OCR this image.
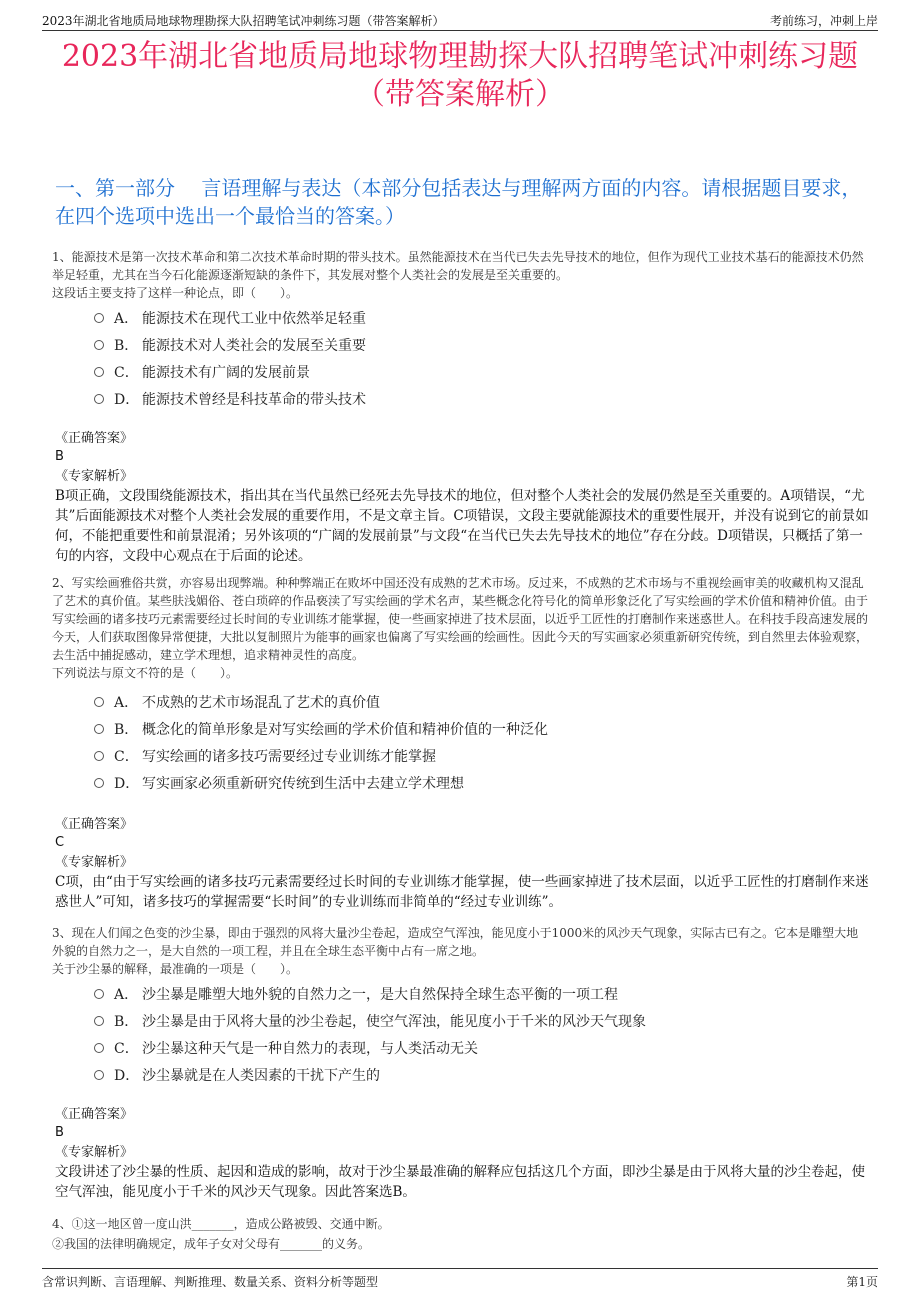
2023年湖北省地质局地球物理勘探大队招聘笔试冲刺练习题（带答案解析）	考前练习，冲刺上岸
2023年湖北省地质局地球物理勘探大队招聘笔试冲刺练习题
（带答案解析）
一、第一部分　 言语理解与表达（本部分包括表达与理解两方面的内容。请根据题目要求，在四个选项中选出一个最恰当的答案。）
1、能源技术是第一次技术革命和第二次技术革命时期的带头技术。虽然能源技术在当代已失去先导技术的地位，但作为现代工业技术基石的能源技术仍然举足轻重，尤其在当今石化能源逐渐短缺的条件下，其发展对整个人类社会的发展是至关重要的。
这段话主要支持了这样一种论点，即（　　）。
A． 能源技术在现代工业中依然举足轻重
B． 能源技术对人类社会的发展至关重要
C． 能源技术有广阔的发展前景
D． 能源技术曾经是科技革命的带头技术
《正确答案》
B
《专家解析》
B项正确，文段围绕能源技术，指出其在当代虽然已经死去先导技术的地位，但对整个人类社会的发展仍然是至关重要的。A项错误，“尤其”后面能源技术对整个人类社会发展的重要作用，不是文章主旨。C项错误，文段主要就能源技术的重要性展开，并没有说到它的前景如何，不能把重要性和前景混淆；另外该项的“广阔的发展前景”与文段“在当代已失去先导技术的地位”存在分歧。D项错误，只概括了第一句的内容，文段中心观点在于后面的论述。
2、写实绘画雅俗共赏，亦容易出现弊端。种种弊端正在败坏中国还没有成熟的艺术市场。反过来，不成熟的艺术市场与不重视绘画审美的收藏机构又混乱了艺术的真价值。某些肤浅媚俗、苍白琐碎的作品亵渎了写实绘画的学术名声，某些概念化符号化的简单形象泛化了写实绘画的学术价值和精神价值。由于写实绘画的诸多技巧元素需要经过长时间的专业训练才能掌握，使一些画家掉进了技术层面，以近乎工匠性的打磨制作来迷惑世人。在科技手段高速发展的今天，人们获取图像异常便捷，大批以复制照片为能事的画家也偏离了写实绘画的绘画性。因此今天的写实画家必须重新研究传统，到自然里去体验观察，去生活中捕捉感动，建立学术理想，追求精神灵性的高度。
下列说法与原文不符的是（　　）。
A． 不成熟的艺术市场混乱了艺术的真价值
B． 概念化的简单形象是对写实绘画的学术价值和精神价值的一种泛化
C． 写实绘画的诸多技巧需要经过专业训练才能掌握
D． 写实画家必须重新研究传统到生活中去建立学术理想
《正确答案》
C
《专家解析》
C项，由“由于写实绘画的诸多技巧元素需要经过长时间的专业训练才能掌握，使一些画家掉进了技术层面，以近乎工匠性的打磨制作来迷惑世人”可知，诸多技巧的掌握需要“长时间”的专业训练而非简单的“经过专业训练”。
3、现在人们闻之色变的沙尘暴，即由于强烈的风将大量沙尘卷起，造成空气浑浊，能见度小于1000米的风沙天气现象，实际古已有之。它本是雕塑大地外貌的自然力之一，是大自然的一项工程，并且在全球生态平衡中占有一席之地。
关于沙尘暴的解释，最准确的一项是（　　）。
A． 沙尘暴是雕塑大地外貌的自然力之一，是大自然保持全球生态平衡的一项工程
B． 沙尘暴是由于风将大量的沙尘卷起，使空气浑浊，能见度小于千米的风沙天气现象
C． 沙尘暴这种天气是一种自然力的表现，与人类活动无关
D． 沙尘暴就是在人类因素的干扰下产生的
《正确答案》
B
《专家解析》
文段讲述了沙尘暴的性质、起因和造成的影响，故对于沙尘暴最准确的解释应包括这几个方面，即沙尘暴是由于风将大量的沙尘卷起，使空气浑浊，能见度小于千米的风沙天气现象。因此答案选B。
4、①这一地区曾一度山洪_______，造成公路被毁、交通中断。
②我国的法律明确规定，成年子女对父母有_______的义务。
含常识判断、言语理解、判断推理、数量关系、资料分析等题型	第1页
